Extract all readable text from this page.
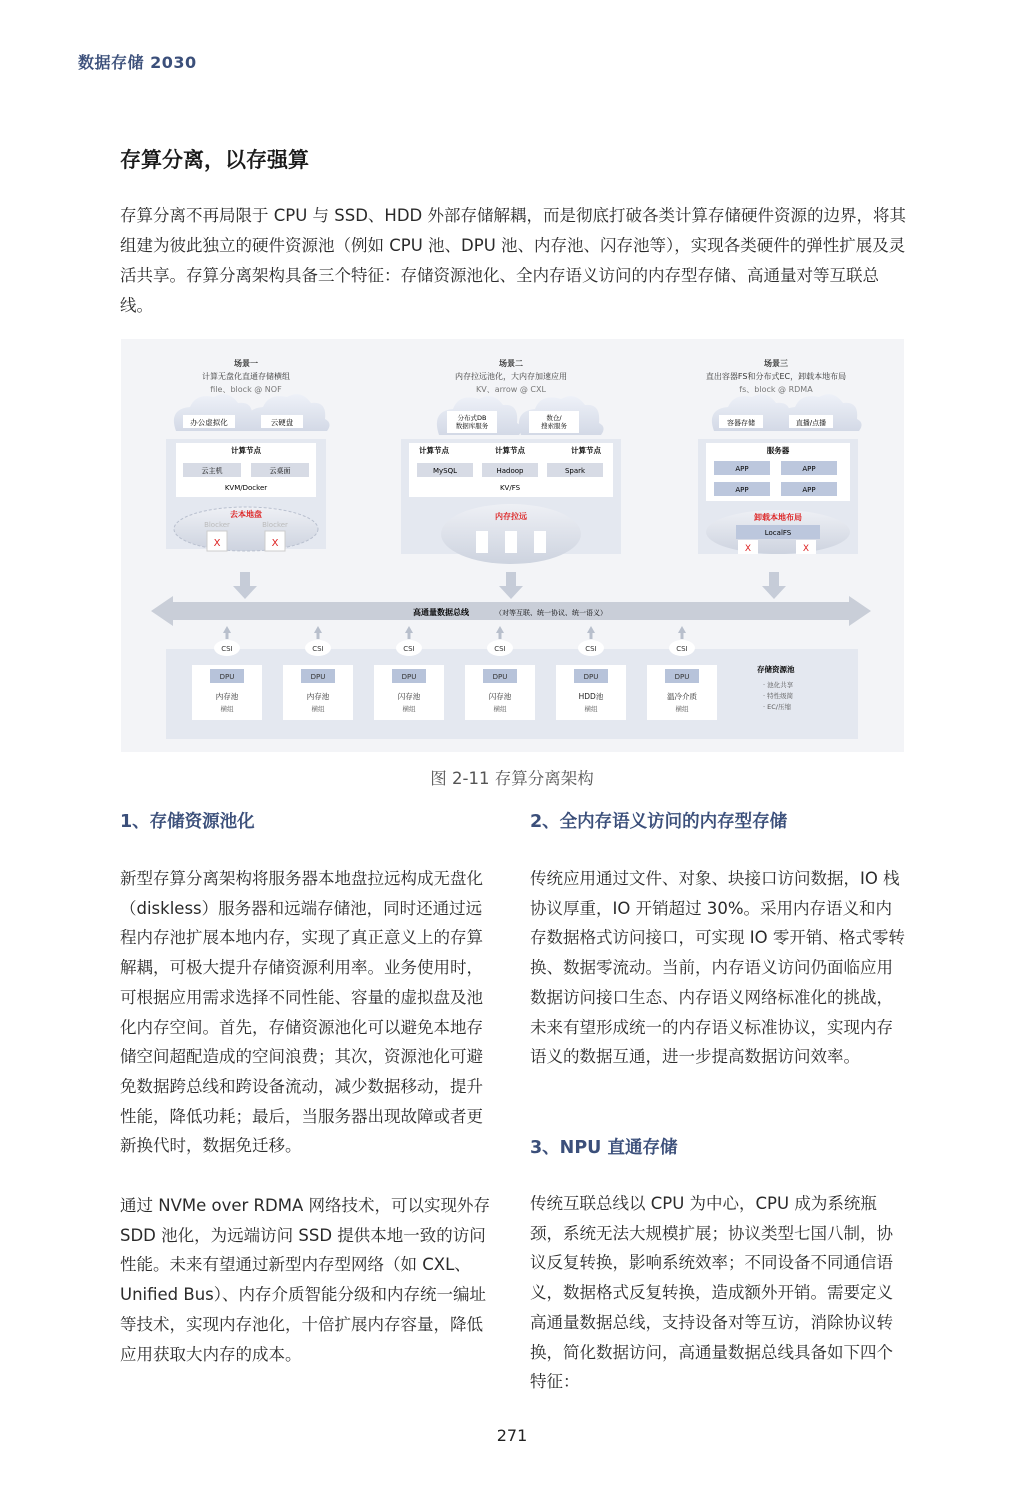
数据存储 2030
存算分离，以存强算
存算分离不再局限于 CPU 与 SSD、HDD 外部存储解耦，而是彻底打破各类计算存储硬件资源的边界，将其组建为彼此独立的硬件资源池（例如 CPU 池、DPU 池、内存池、闪存池等），实现各类硬件的弹性扩展及灵活共享。存算分离架构具备三个特征：存储资源池化、全内存语义访问的内存型存储、高通量对等互联总线。
场景一
计算无盘化直通存储横组
file、block @ NOF
场景二
内存拉远池化，大内存加速应用
KV、arrow @ CXL
场景三
直出容器FS和分布式EC，卸载本地布局
fs、block @ RDMA
办公虚拟化	云硬盘
计算节点
云主机	云桌面
KVM/Docker
去本地盘
Blocker	Blocker
X	X
分布式DB 数据库服务
数仓/搜索服务
计算节点	计算节点	计算节点
MySQL	Hadoop	Spark
KV/FS
内存拉远
容器存储	直播/点播
服务器
APP	APP
APP	APP
卸载本地布局
LocalFS
X	X
高通量数据总线	（对等互联、统一协议、统一语义）
CSI
DPU
内存池
横组
CSI
DPU
内存池
横组
CSI
DPU
闪存池
横组
CSI
DPU
闪存池
横组
CSI
DPU
HDD池
横组
CSI
DPU
温冷介质
横组
存储资源池
· 池化共享
· 特性级简
· EC/压缩
图 2-11 存算分离架构
1、存储资源池化

新型存算分离架构将服务器本地盘拉远构成无盘化（diskless）服务器和远端存储池，同时还通过远程内存池扩展本地内存，实现了真正意义上的存算解耦，可极大提升存储资源利用率。业务使用时，可根据应用需求选择不同性能、容量的虚拟盘及池化内存空间。首先，存储资源池化可以避免本地存储空间超配造成的空间浪费；其次，资源池化可避免数据跨总线和跨设备流动，减少数据移动，提升性能，降低功耗；最后，当服务器出现故障或者更新换代时，数据免迁移。

通过 NVMe over RDMA 网络技术，可以实现外存 SDD 池化，为远端访问 SSD 提供本地一致的访问性能。未来有望通过新型内存型网络（如 CXL、Unified Bus）、内存介质智能分级和内存统一编址等技术，实现内存池化，十倍扩展内存容量，降低应用获取大内存的成本。

2、全内存语义访问的内存型存储

传统应用通过文件、对象、块接口访问数据，IO 栈协议厚重，IO 开销超过 30%。采用内存语义和内存数据格式访问接口，可实现 IO 零开销、格式零转换、数据零流动。当前，内存语义访问仍面临应用数据访问接口生态、内存语义网络标准化的挑战，未来有望形成统一的内存语义标准协议，实现内存语义的数据互通，进一步提高数据访问效率。

3、NPU 直通存储

传统互联总线以 CPU 为中心，CPU 成为系统瓶颈，系统无法大规模扩展；协议类型七国八制，协议反复转换，影响系统效率；不同设备不同通信语义，数据格式反复转换，造成额外开销。需要定义高通量数据总线，支持设备对等互访，消除协议转换，简化数据访问，高通量数据总线具备如下四个特征：

271
